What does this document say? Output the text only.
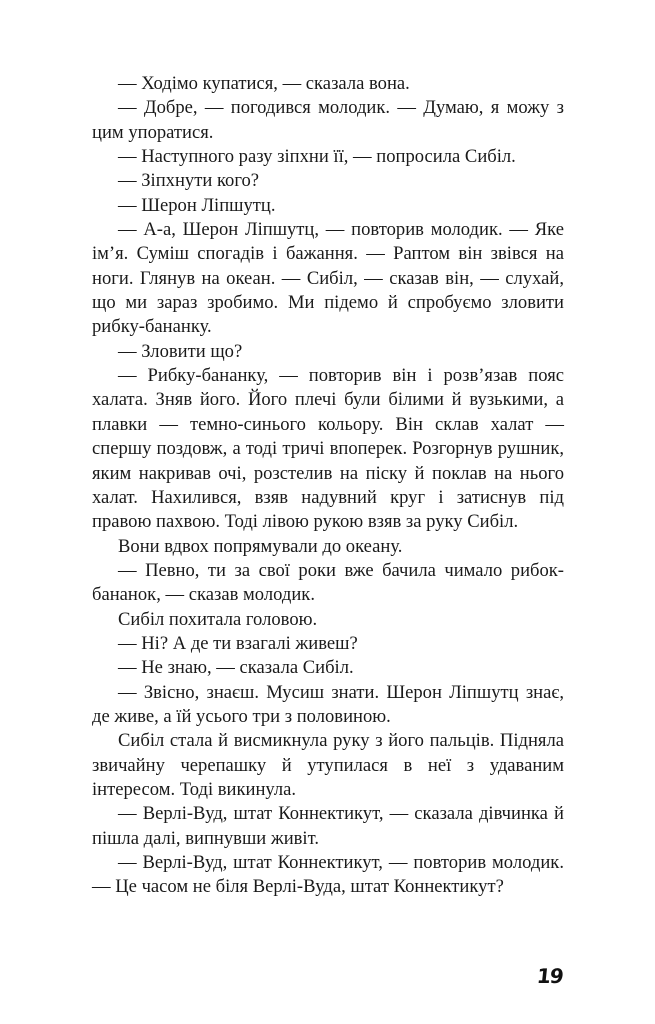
— Ходімо купатися, — сказала вона.

— Добре, — погодився молодик. — Думаю, я можу з цим упоратися.

— Наступного разу зіпхни її, — попросила Сибіл.

— Зіпхнути кого?

— Шерон Ліпшутц.

— А-а, Шерон Ліпшутц, — повторив молодик. — Яке ім’я. Суміш спогадів і бажання. — Раптом він звівся на ноги. Глянув на океан. — Сибіл, — сказав він, — слухай, що ми зараз зробимо. Ми підемо й спробуємо зловити рибку-бананку.

— Зловити що?

— Рибку-бананку, — повторив він і розв’язав пояс халата. Зняв його. Його плечі були білими й вузькими, а плавки — темно-синього кольору. Він склав халат — спершу поздовж, а тоді тричі впоперек. Розгорнув рушник, яким накривав очі, розстелив на піску й поклав на нього халат. Нахилився, взяв надувний круг і затиснув під правою пахвою. Тоді лівою рукою взяв за руку Сибіл.

Вони вдвох попрямували до океану.

— Певно, ти за свої роки вже бачила чимало рибок-бананок, — сказав молодик.

Сибіл похитала головою.

— Ні? А де ти взагалі живеш?

— Не знаю, — сказала Сибіл.

— Звісно, знаєш. Мусиш знати. Шерон Ліпшутц знає, де живе, а їй усього три з половиною.

Сибіл стала й висмикнула руку з його пальців. Підняла звичайну черепашку й утупилася в неї з удаваним інтересом. Тоді викинула.

— Верлі-Вуд, штат Коннектикут, — сказала дівчинка й пішла далі, випнувши живіт.

— Верлі-Вуд, штат Коннектикут, — повторив молодик. — Це часом не біля Верлі-Вуда, штат Коннектикут?

19
